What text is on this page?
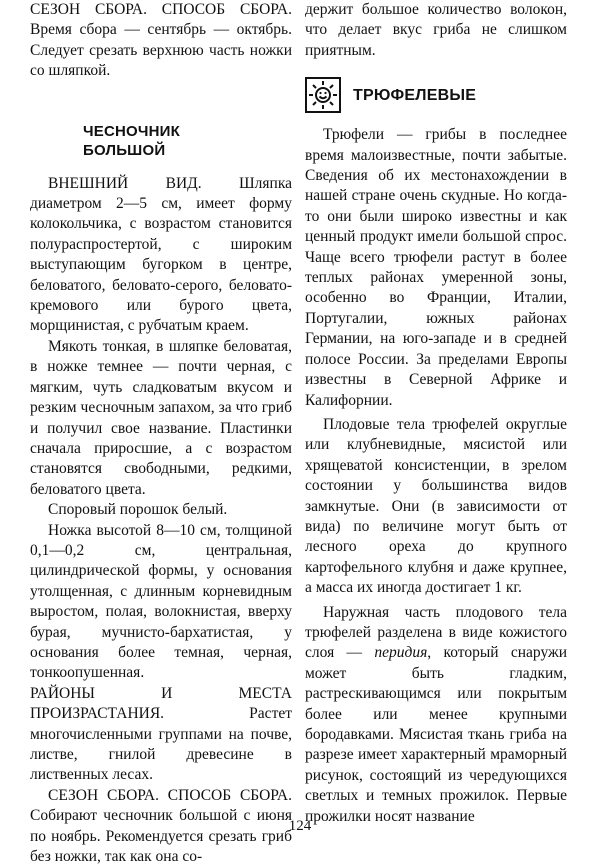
СЕЗОН СБОРА. СПОСОБ СБОРА. Время сбора — сентябрь — октябрь. Следует срезать верхнюю часть ножки со шляпкой.

ЧЕСНОЧНИК
БОЛЬШОЙ

ВНЕШНИЙ ВИД. Шляпка диаметром 2—5 см, имеет форму колокольчика, с возрастом становится полураспростертой, с широким выступающим бугорком в центре, беловатого, беловато-серого, беловато-кремового или бурого цвета, морщинистая, с рубчатым краем.

Мякоть тонкая, в шляпке беловатая, в ножке темнее — почти черная, с мягким, чуть сладковатым вкусом и резким чесночным запахом, за что гриб и получил свое название. Пластинки сначала приросшие, а с возрастом становятся свободными, редкими, беловатого цвета.

Споровый порошок белый.

Ножка высотой 8—10 см, толщиной 0,1—0,2 см, центральная, цилиндрической формы, у основания утолщенная, с длинным корневидным выростом, полая, волокнистая, вверху бурая, мучнисто-бархатистая, у основания более темная, черная, тонкоопушенная.

РАЙОНЫ И МЕСТА ПРОИЗРАСТАНИЯ. Растет многочисленными группами на почве, листве, гнилой древесине в лиственных лесах.

СЕЗОН СБОРА. СПОСОБ СБОРА. Собирают чесночник большой с июня по ноябрь. Рекомендуется срезать гриб без ножки, так как она со-

держит большое количество волокон, что делает вкус гриба не слишком приятным.

ТРЮФЕЛЕВЫЕ

Трюфели — грибы в последнее время малоизвестные, почти забытые. Сведения об их местонахождении в нашей стране очень скудные. Но когда-то они были широко известны и как ценный продукт имели большой спрос. Чаще всего трюфели растут в более теплых районах умеренной зоны, особенно во Франции, Италии, Португалии, южных районах Германии, на юго-западе и в средней полосе России. За пределами Европы известны в Северной Африке и Калифорнии.

Плодовые тела трюфелей округлые или клубневидные, мясистой или хрящеватой консистенции, в зрелом состоянии у большинства видов замкнутые. Они (в зависимости от вида) по величине могут быть от лесного ореха до крупного картофельного клубня и даже крупнее, а масса их иногда достигает 1 кг.

Наружная часть плодового тела трюфелей разделена в виде кожистого слоя — перидия, который снаружи может быть гладким, растрескивающимся или покрытым более или менее крупными бородавками. Мясистая ткань гриба на разрезе имеет характерный мраморный рисунок, состоящий из чередующихся светлых и темных прожилок. Первые прожилки носят название

124
